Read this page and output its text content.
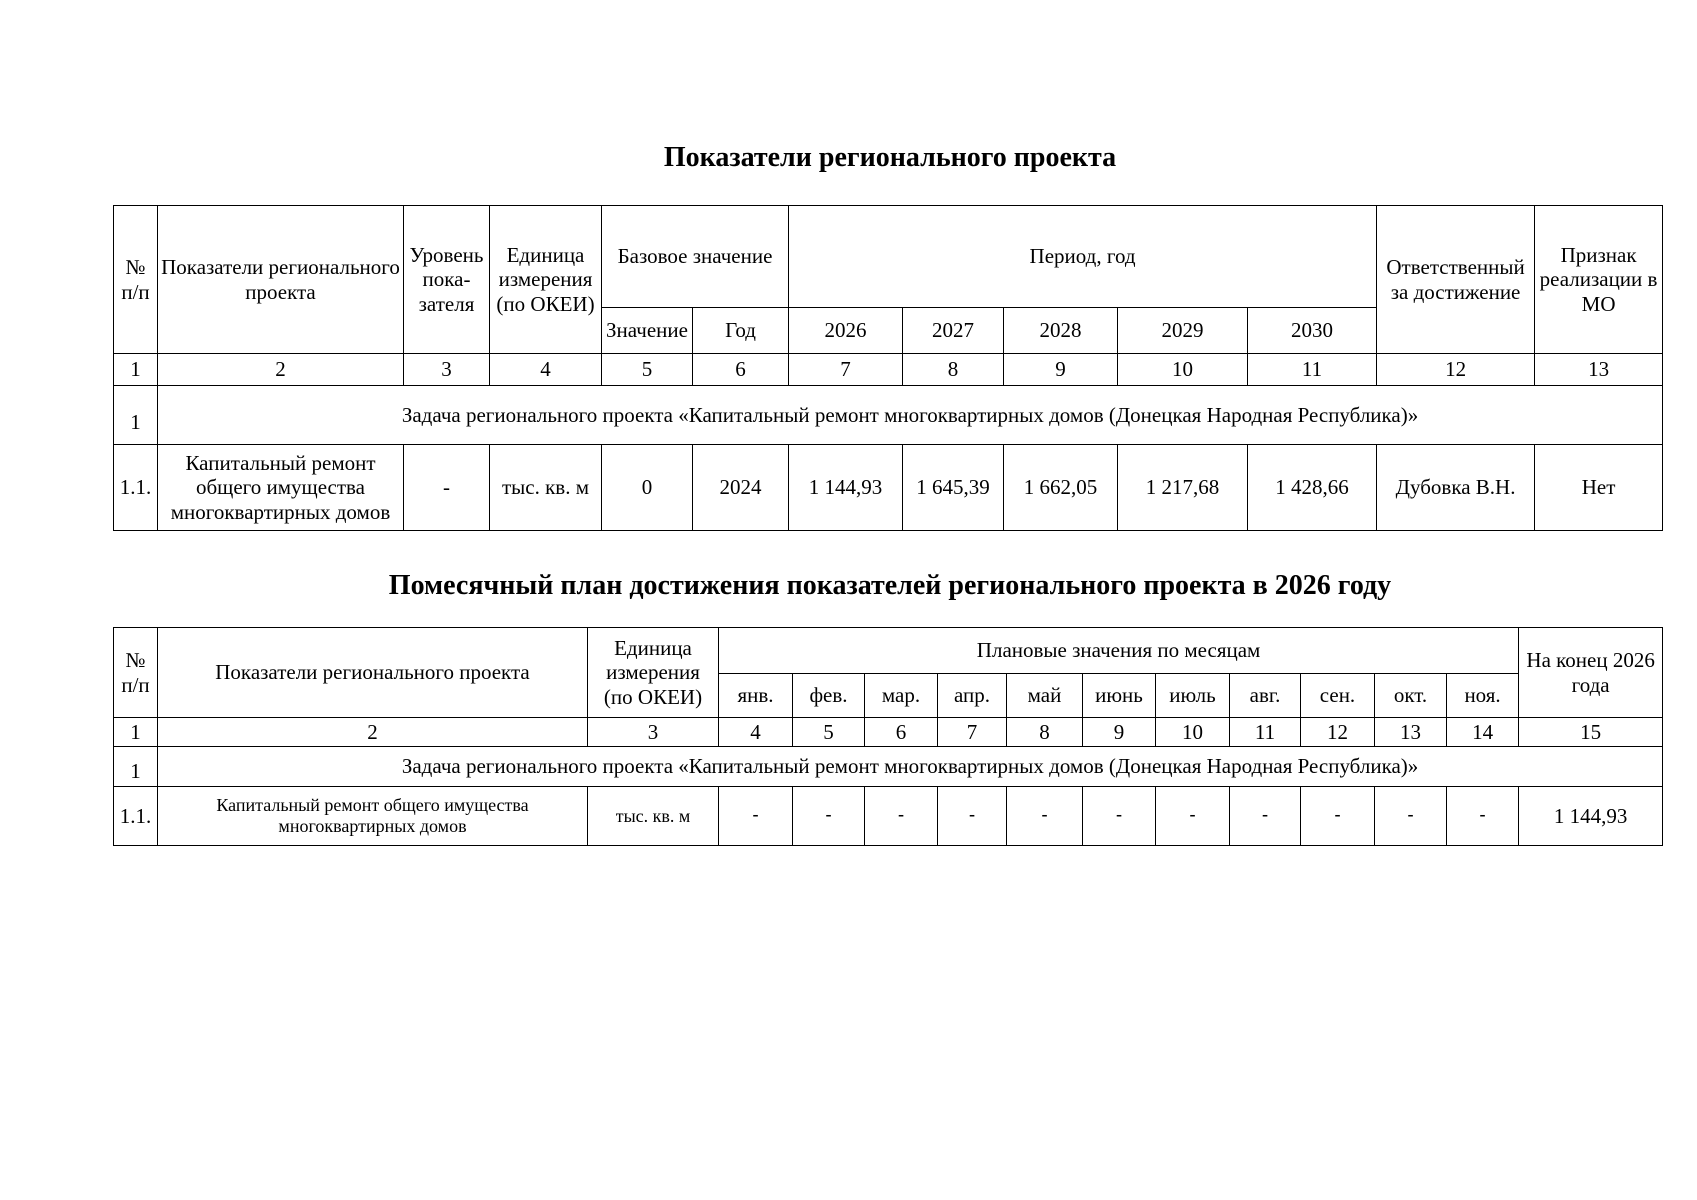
Показатели регионального проекта
№ п/п	Показатели регионального проекта	Уровень пока-зателя	Единица измерения (по ОКЕИ)	Базовое значение		Период, год					Ответственный за достижение	Признак реализации в МО
				Значение	Год	2026	2027	2028	2029	2030		
1	2	3	4	5	6	7	8	9	10	11	12	13
1	Задача регионального проекта «Капитальный ремонт многоквартирных домов (Донецкая Народная Республика)»											
1.1.	Капитальный ремонт общего имущества многоквартирных домов	-	тыс. кв. м	0	2024	1 144,93	1 645,39	1 662,05	1 217,68	1 428,66	Дубовка В.Н.	Нет
Помесячный план достижения показателей регионального проекта в 2026 году
№ п/п	Показатели регионального проекта	Единица измерения (по ОКЕИ)	Плановые значения по месяцам											На конец 2026 года
			янв.	фев.	мар.	апр.	май	июнь	июль	авг.	сен.	окт.	ноя.	
1	2	3	4	5	6	7	8	9	10	11	12	13	14	15
1	Задача регионального проекта «Капитальный ремонт многоквартирных домов (Донецкая Народная Республика)»													
1.1.	Капитальный ремонт общего имущества многоквартирных домов	тыс. кв. м	-	-	-	-	-	-	-	-	-	-	-	1 144,93
